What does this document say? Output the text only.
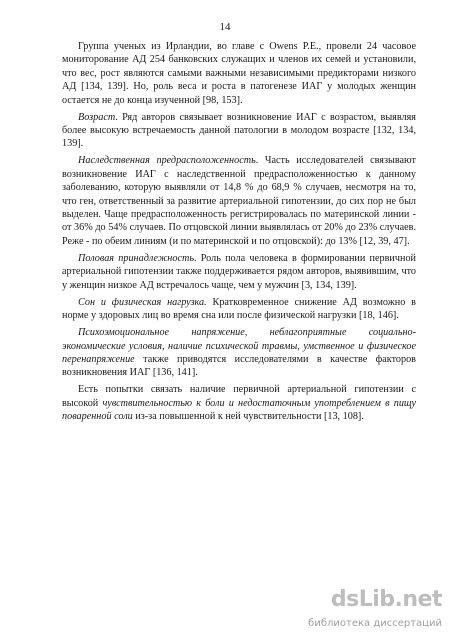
14

Группа ученых из Ирландии, во главе с Owens P.E., провели 24 часовое мониторование АД 254 банковских служащих и членов их семей и установили, что вес, рост являются самыми важными независимыми предикторами низкого АД [134, 139]. Но, роль веса и роста в патогенезе ИАГ у молодых женщин остается не до конца изученной [98, 153].

Возраст. Ряд авторов связывает возникновение ИАГ с возрастом, выявляя более высокую встречаемость данной патологии в молодом возрасте [132, 134, 139].

Наследственная предрасположенность. Часть исследователей связывают возникновение ИАГ с наследственной предрасположенностью к данному заболеванию, которую выявляли от 14,8 % до 68,9 % случаев, несмотря на то, что ген, ответственный за развитие артериальной гипотензии, до сих пор не был выделен. Чаще предрасположенность регистрировалась по материнской линии - от 36% до 54% случаев. По отцовской линии выявлялась от 20% до 23% случаев. Реже - по обеим линиям (и по материнской и по отцовской): до 13% [12, 39, 47].

Половая принадлежность. Роль пола человека в формировании первичной артериальной гипотензии также поддерживается рядом авторов, выявившим, что у женщин низкое АД встречалось чаще, чем у мужчин [3, 134, 139].

Сон и физическая нагрузка. Кратковременное снижение АД возможно в норме у здоровых лиц во время сна или после физической нагрузки [18, 146].

Психоэмоциональное напряжение, неблагоприятные социально-экономические условия, наличие психической травмы, умственное и физическое перенапряжение также приводятся исследователями в качестве факторов возникновения ИАГ [136, 141].

Есть попытки связать наличие первичной артериальной гипотензии с высокой чувствительностью к боли и недостаточным употреблением в пищу поваренной соли из-за повышенной к ней чувствительности [13, 108].

dsLib.net
библиотека диссертаций
